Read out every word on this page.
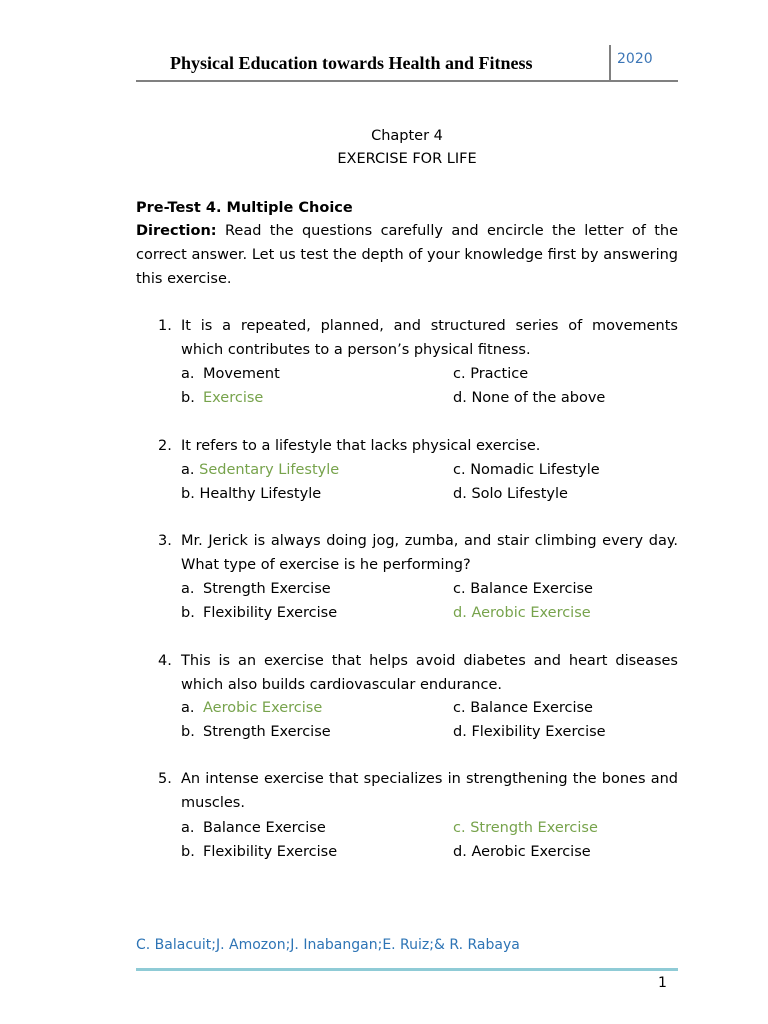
Physical Education towards Health and Fitness	2020
Chapter 4
EXERCISE FOR LIFE
Pre-Test 4. Multiple Choice
Direction: Read the questions carefully and encircle the letter of the correct answer. Let us test the depth of your knowledge first by answering this exercise.
1. It is a repeated, planned, and structured series of movements which contributes to a person’s physical fitness.
a. Movement
b. Exercise
c. Practice
d. None of the above
2. It refers to a lifestyle that lacks physical exercise.
a. Sedentary Lifestyle
b. Healthy Lifestyle
c. Nomadic Lifestyle
d. Solo Lifestyle
3. Mr. Jerick is always doing jog, zumba, and stair climbing every day. What type of exercise is he performing?
a. Strength Exercise
b. Flexibility Exercise
c. Balance Exercise
d. Aerobic Exercise
4. This is an exercise that helps avoid diabetes and heart diseases which also builds cardiovascular endurance.
a. Aerobic Exercise
b. Strength Exercise
c. Balance Exercise
d. Flexibility Exercise
5. An intense exercise that specializes in strengthening the bones and muscles.
a. Balance Exercise
b. Flexibility Exercise
c. Strength Exercise
d. Aerobic Exercise
C. Balacuit;J. Amozon;J. Inabangan;E. Ruiz;& R. Rabaya
1
